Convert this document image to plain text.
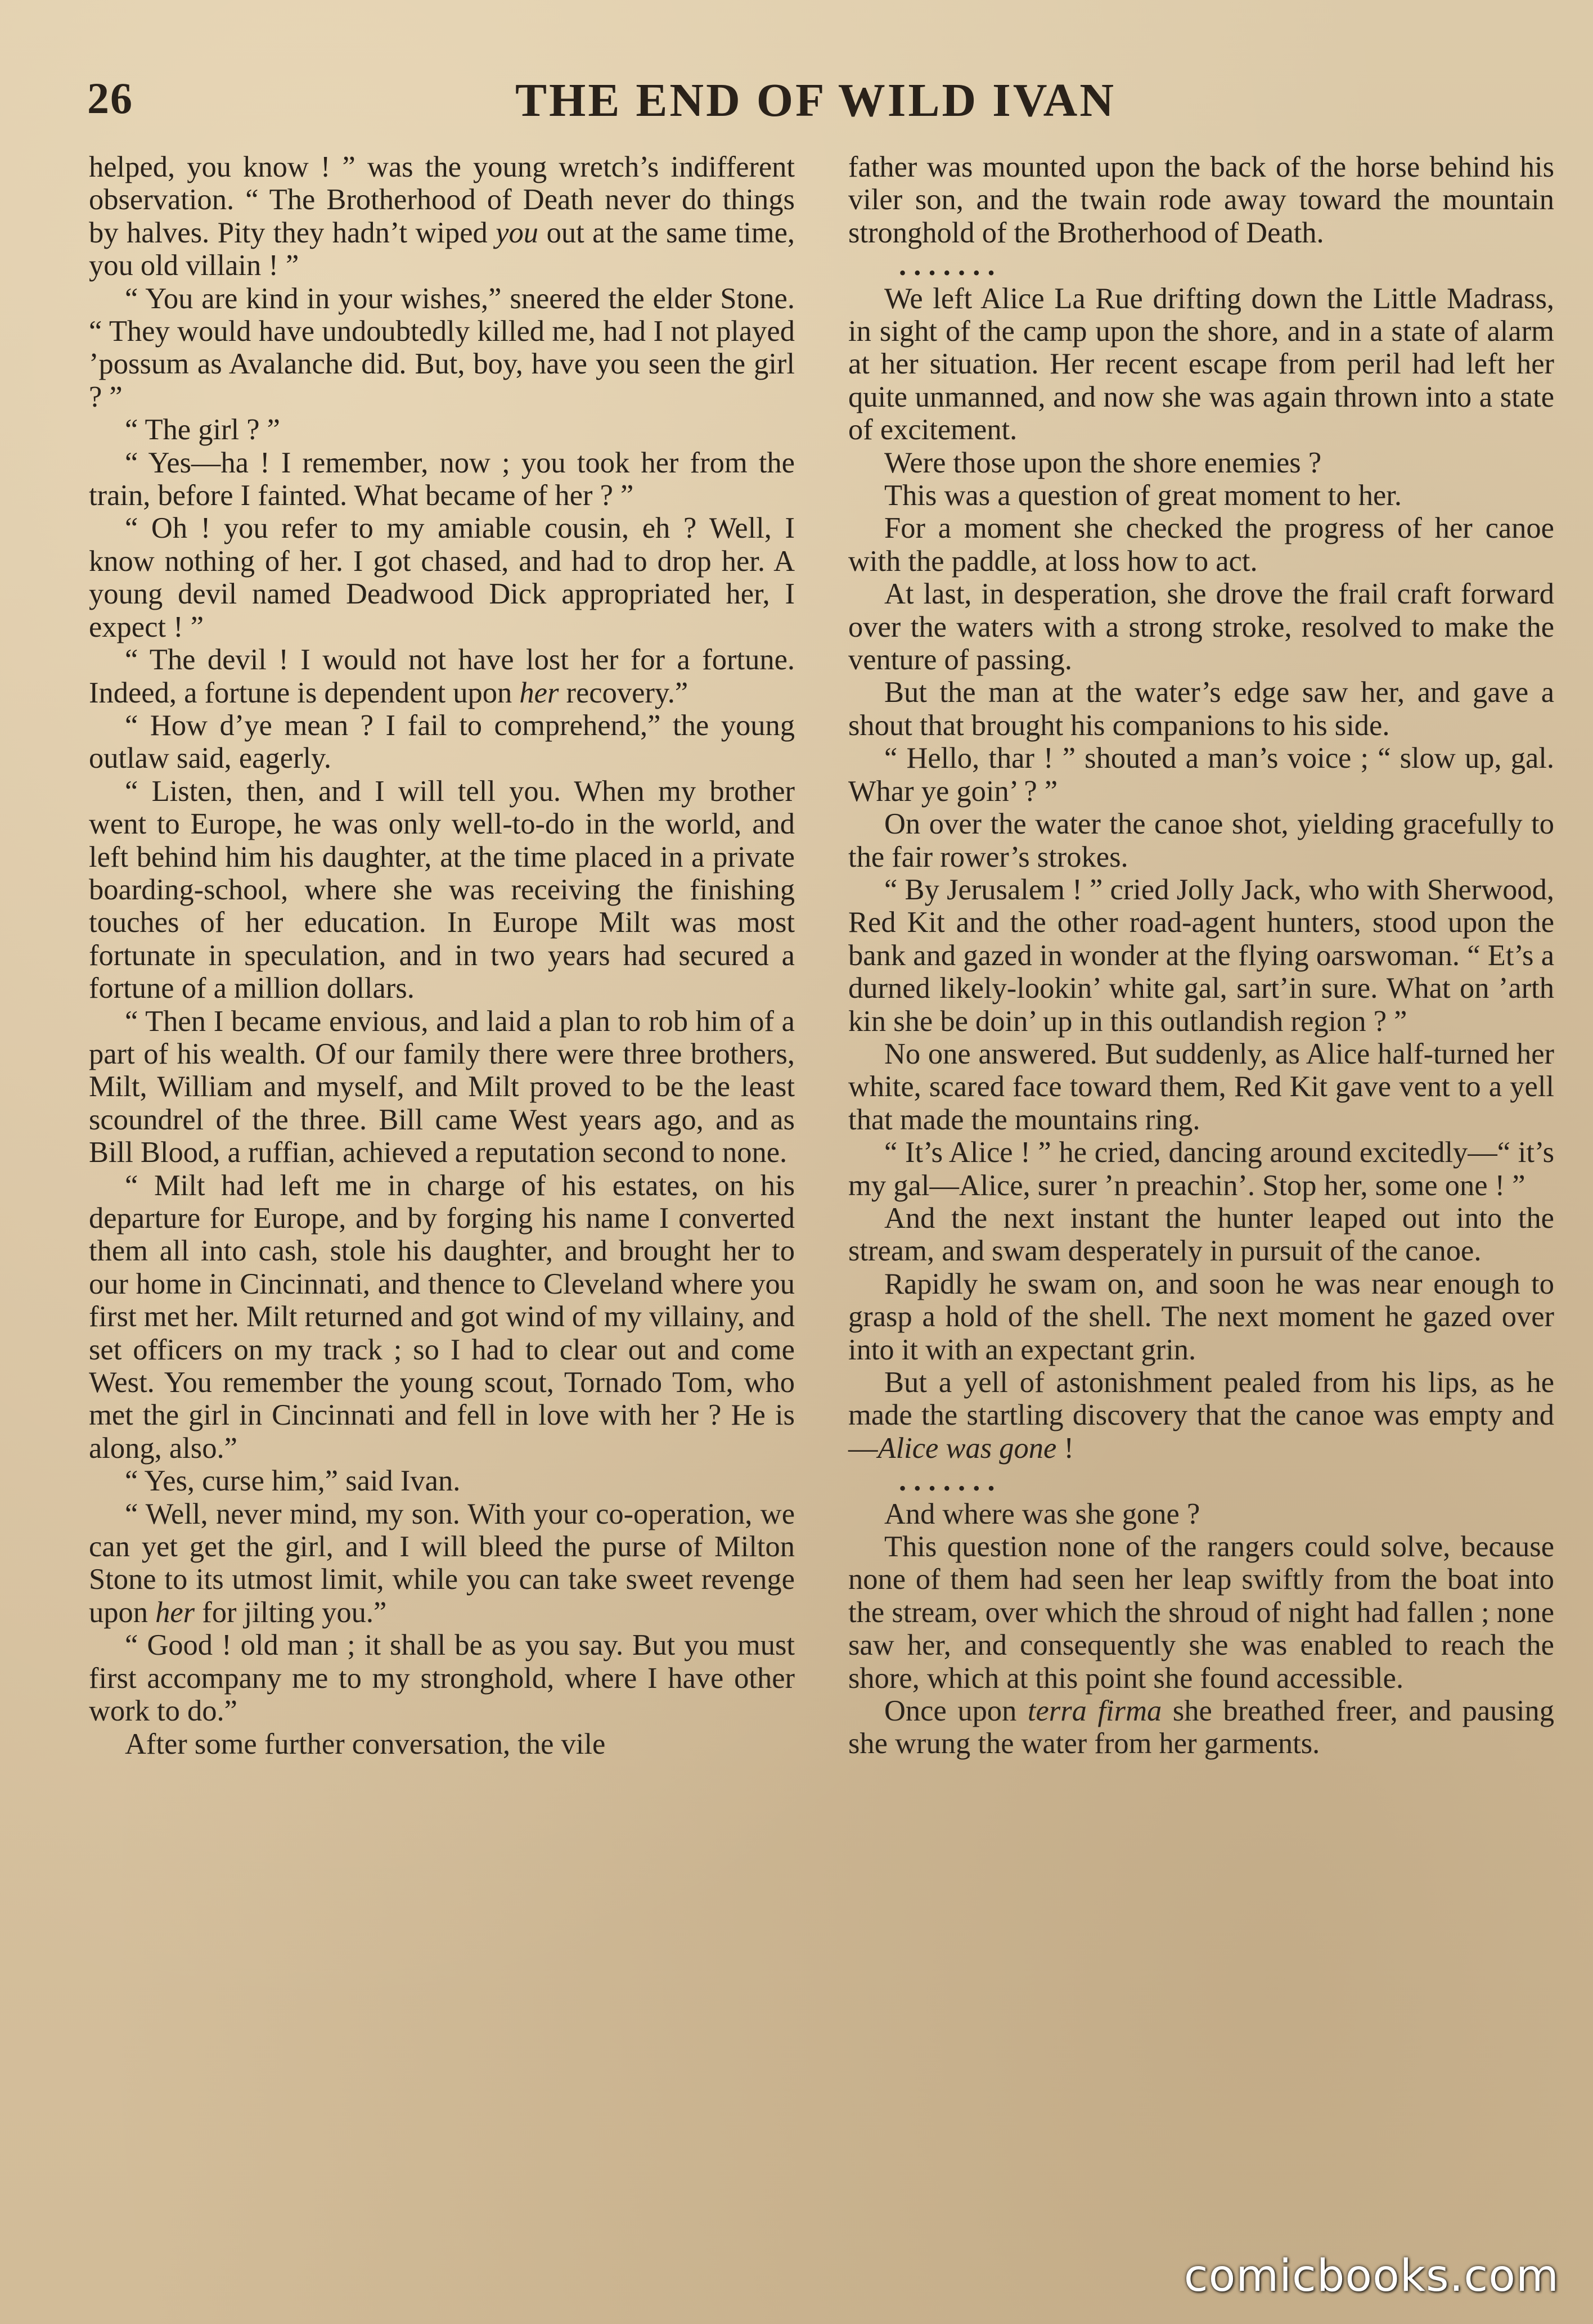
26	THE END OF WILD IVAN

helped, you know ! ” was the young wretch’s indifferent observation. “ The Brotherhood of Death never do things by halves. Pity they hadn’t wiped you out at the same time, you old villain ! ”

“ You are kind in your wishes,” sneered the elder Stone. “ They would have undoubtedly killed me, had I not played ’possum as Avalanche did. But, boy, have you seen the girl ? ”

“ The girl ? ”

“ Yes—ha ! I remember, now ; you took her from the train, before I fainted. What became of her ? ”

“ Oh ! you refer to my amiable cousin, eh ? Well, I know nothing of her. I got chased, and had to drop her. A young devil named Deadwood Dick appropriated her, I expect ! ”

“ The devil ! I would not have lost her for a fortune. Indeed, a fortune is dependent upon her recovery.”

“ How d’ye mean ? I fail to comprehend,” the young outlaw said, eagerly.

“ Listen, then, and I will tell you. When my brother went to Europe, he was only well-to-do in the world, and left behind him his daughter, at the time placed in a private boarding-school, where she was receiving the finishing touches of her education. In Europe Milt was most fortunate in speculation, and in two years had secured a fortune of a million dollars.

“ Then I became envious, and laid a plan to rob him of a part of his wealth. Of our family there were three brothers, Milt, William and myself, and Milt proved to be the least scoundrel of the three. Bill came West years ago, and as Bill Blood, a ruffian, achieved a reputation second to none.

“ Milt had left me in charge of his estates, on his departure for Europe, and by forging his name I converted them all into cash, stole his daughter, and brought her to our home in Cincinnati, and thence to Cleveland where you first met her. Milt returned and got wind of my villainy, and set officers on my track ; so I had to clear out and come West. You remember the young scout, Tornado Tom, who met the girl in Cincinnati and fell in love with her ? He is along, also.”

“ Yes, curse him,” said Ivan.

“ Well, never mind, my son. With your co-operation, we can yet get the girl, and I will bleed the purse of Milton Stone to its utmost limit, while you can take sweet revenge upon her for jilting you.”

“ Good ! old man ; it shall be as you say. But you must first accompany me to my stronghold, where I have other work to do.”

After some further conversation, the vile

father was mounted upon the back of the horse behind his viler son, and the twain rode away toward the mountain stronghold of the Brotherhood of Death.

. . . . . . .

We left Alice La Rue drifting down the Little Madrass, in sight of the camp upon the shore, and in a state of alarm at her situation. Her recent escape from peril had left her quite unmanned, and now she was again thrown into a state of excitement.

Were those upon the shore enemies ?

This was a question of great moment to her.

For a moment she checked the progress of her canoe with the paddle, at loss how to act.

At last, in desperation, she drove the frail craft forward over the waters with a strong stroke, resolved to make the venture of passing.

But the man at the water’s edge saw her, and gave a shout that brought his companions to his side.

“ Hello, thar ! ” shouted a man’s voice ; “ slow up, gal. Whar ye goin’ ? ”

On over the water the canoe shot, yielding gracefully to the fair rower’s strokes.

“ By Jerusalem ! ” cried Jolly Jack, who with Sherwood, Red Kit and the other road-agent hunters, stood upon the bank and gazed in wonder at the flying oarswoman. “ Et’s a durned likely-lookin’ white gal, sart’in sure. What on ’arth kin she be doin’ up in this outlandish region ? ”

No one answered. But suddenly, as Alice half-turned her white, scared face toward them, Red Kit gave vent to a yell that made the mountains ring.

“ It’s Alice ! ” he cried, dancing around excitedly—“ it’s my gal—Alice, surer ’n preachin’. Stop her, some one ! ”

And the next instant the hunter leaped out into the stream, and swam desperately in pursuit of the canoe.

Rapidly he swam on, and soon he was near enough to grasp a hold of the shell. The next moment he gazed over into it with an expectant grin.

But a yell of astonishment pealed from his lips, as he made the startling discovery that the canoe was empty and—Alice was gone !

. . . . . . .

And where was she gone ?

This question none of the rangers could solve, because none of them had seen her leap swiftly from the boat into the stream, over which the shroud of night had fallen ; none saw her, and consequently she was enabled to reach the shore, which at this point she found accessible.

Once upon terra firma she breathed freer, and pausing she wrung the water from her garments.

comicbooks.com
